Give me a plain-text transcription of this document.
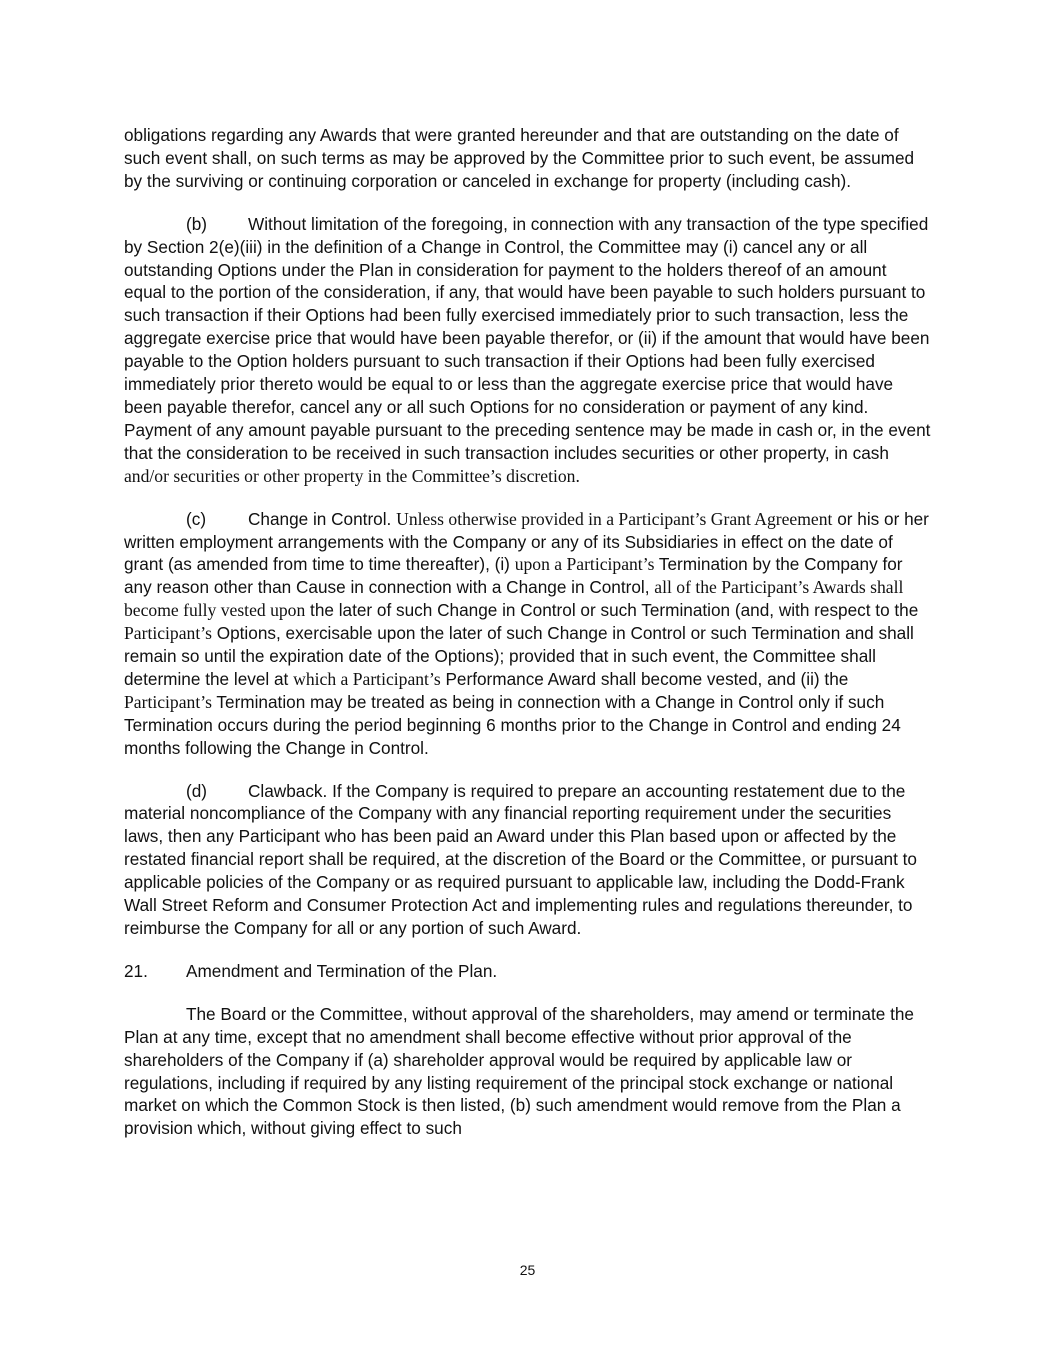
obligations regarding any Awards that were granted hereunder and that are outstanding on the date of such event shall, on such terms as may be approved by the Committee prior to such event, be assumed by the surviving or continuing corporation or canceled in exchange for property (including cash).

(b) Without limitation of the foregoing, in connection with any transaction of the type specified by Section 2(e)(iii) in the definition of a Change in Control, the Committee may (i) cancel any or all outstanding Options under the Plan in consideration for payment to the holders thereof of an amount equal to the portion of the consideration, if any, that would have been payable to such holders pursuant to such transaction if their Options had been fully exercised immediately prior to such transaction, less the aggregate exercise price that would have been payable therefor, or (ii) if the amount that would have been payable to the Option holders pursuant to such transaction if their Options had been fully exercised immediately prior thereto would be equal to or less than the aggregate exercise price that would have been payable therefor, cancel any or all such Options for no consideration or payment of any kind. Payment of any amount payable pursuant to the preceding sentence may be made in cash or, in the event that the consideration to be received in such transaction includes securities or other property, in cash and/or securities or other property in the Committee’s discretion.

(c) Change in Control. Unless otherwise provided in a Participant’s Grant Agreement or his or her written employment arrangements with the Company or any of its Subsidiaries in effect on the date of grant (as amended from time to time thereafter), (i) upon a Participant’s Termination by the Company for any reason other than Cause in connection with a Change in Control, all of the Participant’s Awards shall become fully vested upon the later of such Change in Control or such Termination (and, with respect to the Participant’s Options, exercisable upon the later of such Change in Control or such Termination and shall remain so until the expiration date of the Options); provided that in such event, the Committee shall determine the level at which a Participant’s Performance Award shall become vested, and (ii) the Participant’s Termination may be treated as being in connection with a Change in Control only if such Termination occurs during the period beginning 6 months prior to the Change in Control and ending 24 months following the Change in Control.

(d) Clawback. If the Company is required to prepare an accounting restatement due to the material noncompliance of the Company with any financial reporting requirement under the securities laws, then any Participant who has been paid an Award under this Plan based upon or affected by the restated financial report shall be required, at the discretion of the Board or the Committee, or pursuant to applicable policies of the Company or as required pursuant to applicable law, including the Dodd-Frank Wall Street Reform and Consumer Protection Act and implementing rules and regulations thereunder, to reimburse the Company for all or any portion of such Award.

21. Amendment and Termination of the Plan.

The Board or the Committee, without approval of the shareholders, may amend or terminate the Plan at any time, except that no amendment shall become effective without prior approval of the shareholders of the Company if (a) shareholder approval would be required by applicable law or regulations, including if required by any listing requirement of the principal stock exchange or national market on which the Common Stock is then listed, (b) such amendment would remove from the Plan a provision which, without giving effect to such

25
